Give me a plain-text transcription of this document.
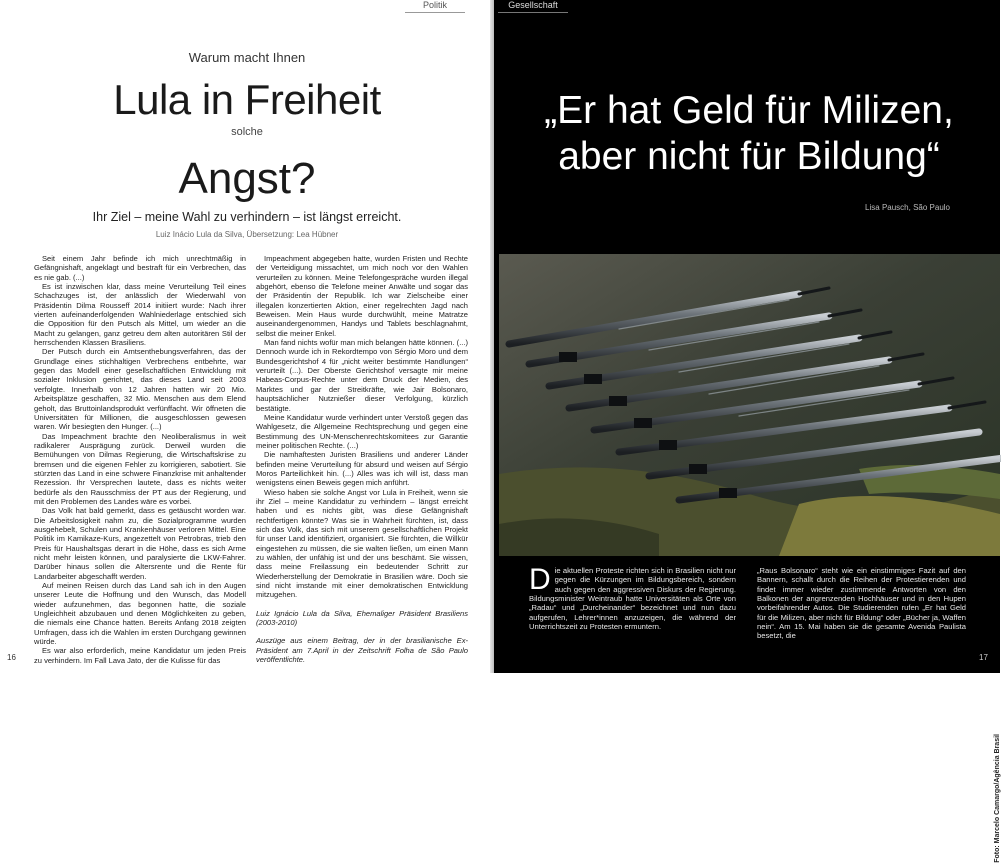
Politik
Warum macht Ihnen
Lula in Freiheit
solche
Angst?
Ihr Ziel – meine Wahl zu verhindern – ist längst erreicht.
Luiz Inácio Lula da Silva, Übersetzung: Lea Hübner

Seit einem Jahr befinde ich mich unrechtmäßig in Gefängnishaft, angeklagt und bestraft für ein Verbrechen, das es nie gab. (...)

Es ist inzwischen klar, dass meine Verurteilung Teil eines Schachzuges ist, der anlässlich der Wiederwahl von Präsidentin Dilma Rousseff 2014 initiiert wurde: Nach ihrer vierten aufeinanderfolgenden Wahlniederlage entschied sich die Opposition für den Putsch als Mittel, um wieder an die Macht zu gelangen, ganz getreu dem alten autoritären Stil der herrschenden Klassen Brasiliens.

Der Putsch durch ein Amtsenthebungsverfahren, das der Grundlage eines stichhaltigen Verbrechens entbehrte, war gegen das Modell einer gesellschaftlichen Entwicklung mit sozialer Inklusion gerichtet, das dieses Land seit 2003 verfolgte. Innerhalb von 12 Jahren hatten wir 20 Mio. Arbeitsplätze geschaffen, 32 Mio. Menschen aus dem Elend geholt, das Bruttoinlandsprodukt verfünffacht. Wir öffneten die Universitäten für Millionen, die ausgeschlossen gewesen waren. Wir besiegten den Hunger. (...)

Das Impeachment brachte den Neoliberalismus in weit radikalerer Ausprägung zurück. Derweil wurden die Bemühungen von Dilmas Regierung, die Wirtschaftskrise zu bremsen und die eigenen Fehler zu korrigieren, sabotiert. Sie stürzten das Land in eine schwere Finanzkrise mit anhaltender Rezession. Ihr Versprechen lautete, dass es nichts weiter bedürfe als den Rausschmiss der PT aus der Regierung, und mit den Problemen des Landes wäre es vorbei.

Das Volk hat bald gemerkt, dass es getäuscht worden war. Die Arbeitslosigkeit nahm zu, die Sozialprogramme wurden ausgehebelt, Schulen und Krankenhäuser verloren Mittel. Eine Politik im Kamikaze-Kurs, angezettelt von Petrobras, trieb den Preis für Haushaltsgas derart in die Höhe, dass es sich Arme nicht mehr leisten können, und paralysierte die LKW-Fahrer. Darüber hinaus sollen die Altersrente und die Rente für Landarbeiter abgeschafft werden.

Auf meinen Reisen durch das Land sah ich in den Augen unserer Leute die Hoffnung und den Wunsch, das Modell wieder aufzunehmen, das begonnen hatte, die soziale Ungleichheit abzubauen und denen Möglichkeiten zu geben, die niemals eine Chance hatten. Bereits Anfang 2018 zeigten Umfragen, dass ich die Wahlen im ersten Durchgang gewinnen würde.

Es war also erforderlich, meine Kandidatur um jeden Preis zu verhindern. Im Fall Lava Jato, der die Kulisse für das

Impeachment abgegeben hatte, wurden Fristen und Rechte der Verteidigung missachtet, um mich noch vor den Wahlen verurteilen zu können. Meine Telefongespräche wurden illegal abgehört, ebenso die Telefone meiner Anwälte und sogar das der Präsidentin der Republik. Ich war Zielscheibe einer illegalen konzertierten Aktion, einer regelrechten Jagd nach Beweisen. Mein Haus wurde durchwühlt, meine Matratze auseinandergenommen, Handys und Tablets beschlagnahmt, selbst die meiner Enkel.

Man fand nichts wofür man mich belangen hätte können. (...) Dennoch wurde ich in Rekordtempo von Sérgio Moro und dem Bundesgerichtshof 4 für „nicht weiter bestimmte Handlungen“ verurteilt (...). Der Oberste Gerichtshof versagte mir meine Habeas-Corpus-Rechte unter dem Druck der Medien, des Marktes und gar der Streitkräfte, wie Jair Bolsonaro, hauptsächlicher Nutznießer dieser Verfolgung, kürzlich bestätigte.

Meine Kandidatur wurde verhindert unter Verstoß gegen das Wahlgesetz, die Allgemeine Rechtsprechung und gegen eine Bestimmung des UN-Menschenrechtskomitees zur Garantie meiner politischen Rechte. (...)

Die namhaftesten Juristen Brasiliens und anderer Länder befinden meine Verurteilung für absurd und weisen auf Sérgio Moros Parteilichkeit hin. (...) Alles was ich will ist, dass man wenigstens einen Beweis gegen mich anführt.

Wieso haben sie solche Angst vor Lula in Freiheit, wenn sie ihr Ziel – meine Kandidatur zu verhindern – längst erreicht haben und es nichts gibt, was diese Gefängnishaft rechtfertigen könnte? Was sie in Wahrheit fürchten, ist, dass sich das Volk, das sich mit unserem gesellschaftlichen Projekt für unser Land identifiziert, organisiert. Sie fürchten, die Willkür eingestehen zu müssen, die sie walten ließen, um einen Mann zu wählen, der unfähig ist und der uns beschämt. Sie wissen, dass meine Freilassung ein bedeutender Schritt zur Wiederherstellung der Demokratie in Brasilien wäre. Doch sie sind nicht imstande mit einer demokratischen Entwicklung mitzugehen.

Luiz Ignácio Lula da Silva, Ehemaliger Präsident Brasiliens (2003-2010)

Auszüge aus einem Beitrag, der in der brasilianische Ex-Präsident am 7.April in der Zeitschrift Folha de São Paulo veröffentlichte.

16
Gesellschaft
„Er hat Geld für Milizen,
aber nicht für Bildung“
Lisa Pausch, São Paulo
Foto: Marcelo Camargo/Agência Brasil
D ie aktuellen Proteste richten sich in Brasilien nicht nur gegen die Kürzungen im Bildungsbereich, sondern auch gegen den aggressiven Diskurs der Regierung. Bildungsminister Weintraub hatte Universitäten als Orte von „Radau“ und „Durcheinander“ bezeichnet und nun dazu aufgerufen, Lehrer*innen anzuzeigen, die während der Unterrichtszeit zu Protesten ermuntern.

„Raus Bolsonaro“ steht wie ein einstimmiges Fazit auf den Bannern, schallt durch die Reihen der Protestierenden und findet immer wieder zustimmende Antworten von den Balkonen der angrenzenden Hochhäuser und in den Hupen vorbeifahrender Autos. Die Studierenden rufen „Er hat Geld für die Milizen, aber nicht für Bildung“ oder „Bücher ja, Waffen nein“. Am 15. Mai haben sie die gesamte Avenida Paulista besetzt, die

17
